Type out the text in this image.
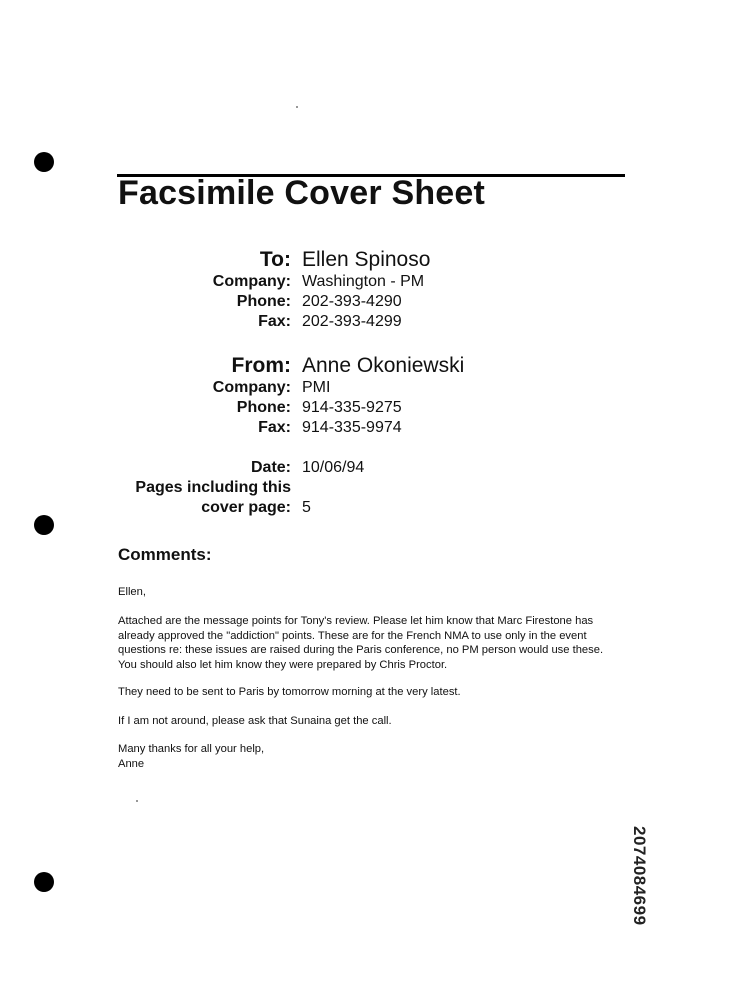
Facsimile Cover Sheet
To: Ellen Spinoso
Company: Washington - PM
Phone: 202-393-4290
Fax: 202-393-4299
From: Anne Okoniewski
Company: PMI
Phone: 914-335-9275
Fax: 914-335-9974
Date: 10/06/94
Pages including this
cover page: 5
Comments:
Ellen,
Attached are the message points for Tony's review. Please let him know that Marc Firestone has
already approved the "addiction" points. These are for the French NMA to use only in the event
questions re: these issues are raised during the Paris conference, no PM person would use these.
You should also let him know they were prepared by Chris Proctor.
They need to be sent to Paris by tomorrow morning at the very latest.
If I am not around, please ask that Sunaina get the call.
Many thanks for all your help,
Anne
2074084699
